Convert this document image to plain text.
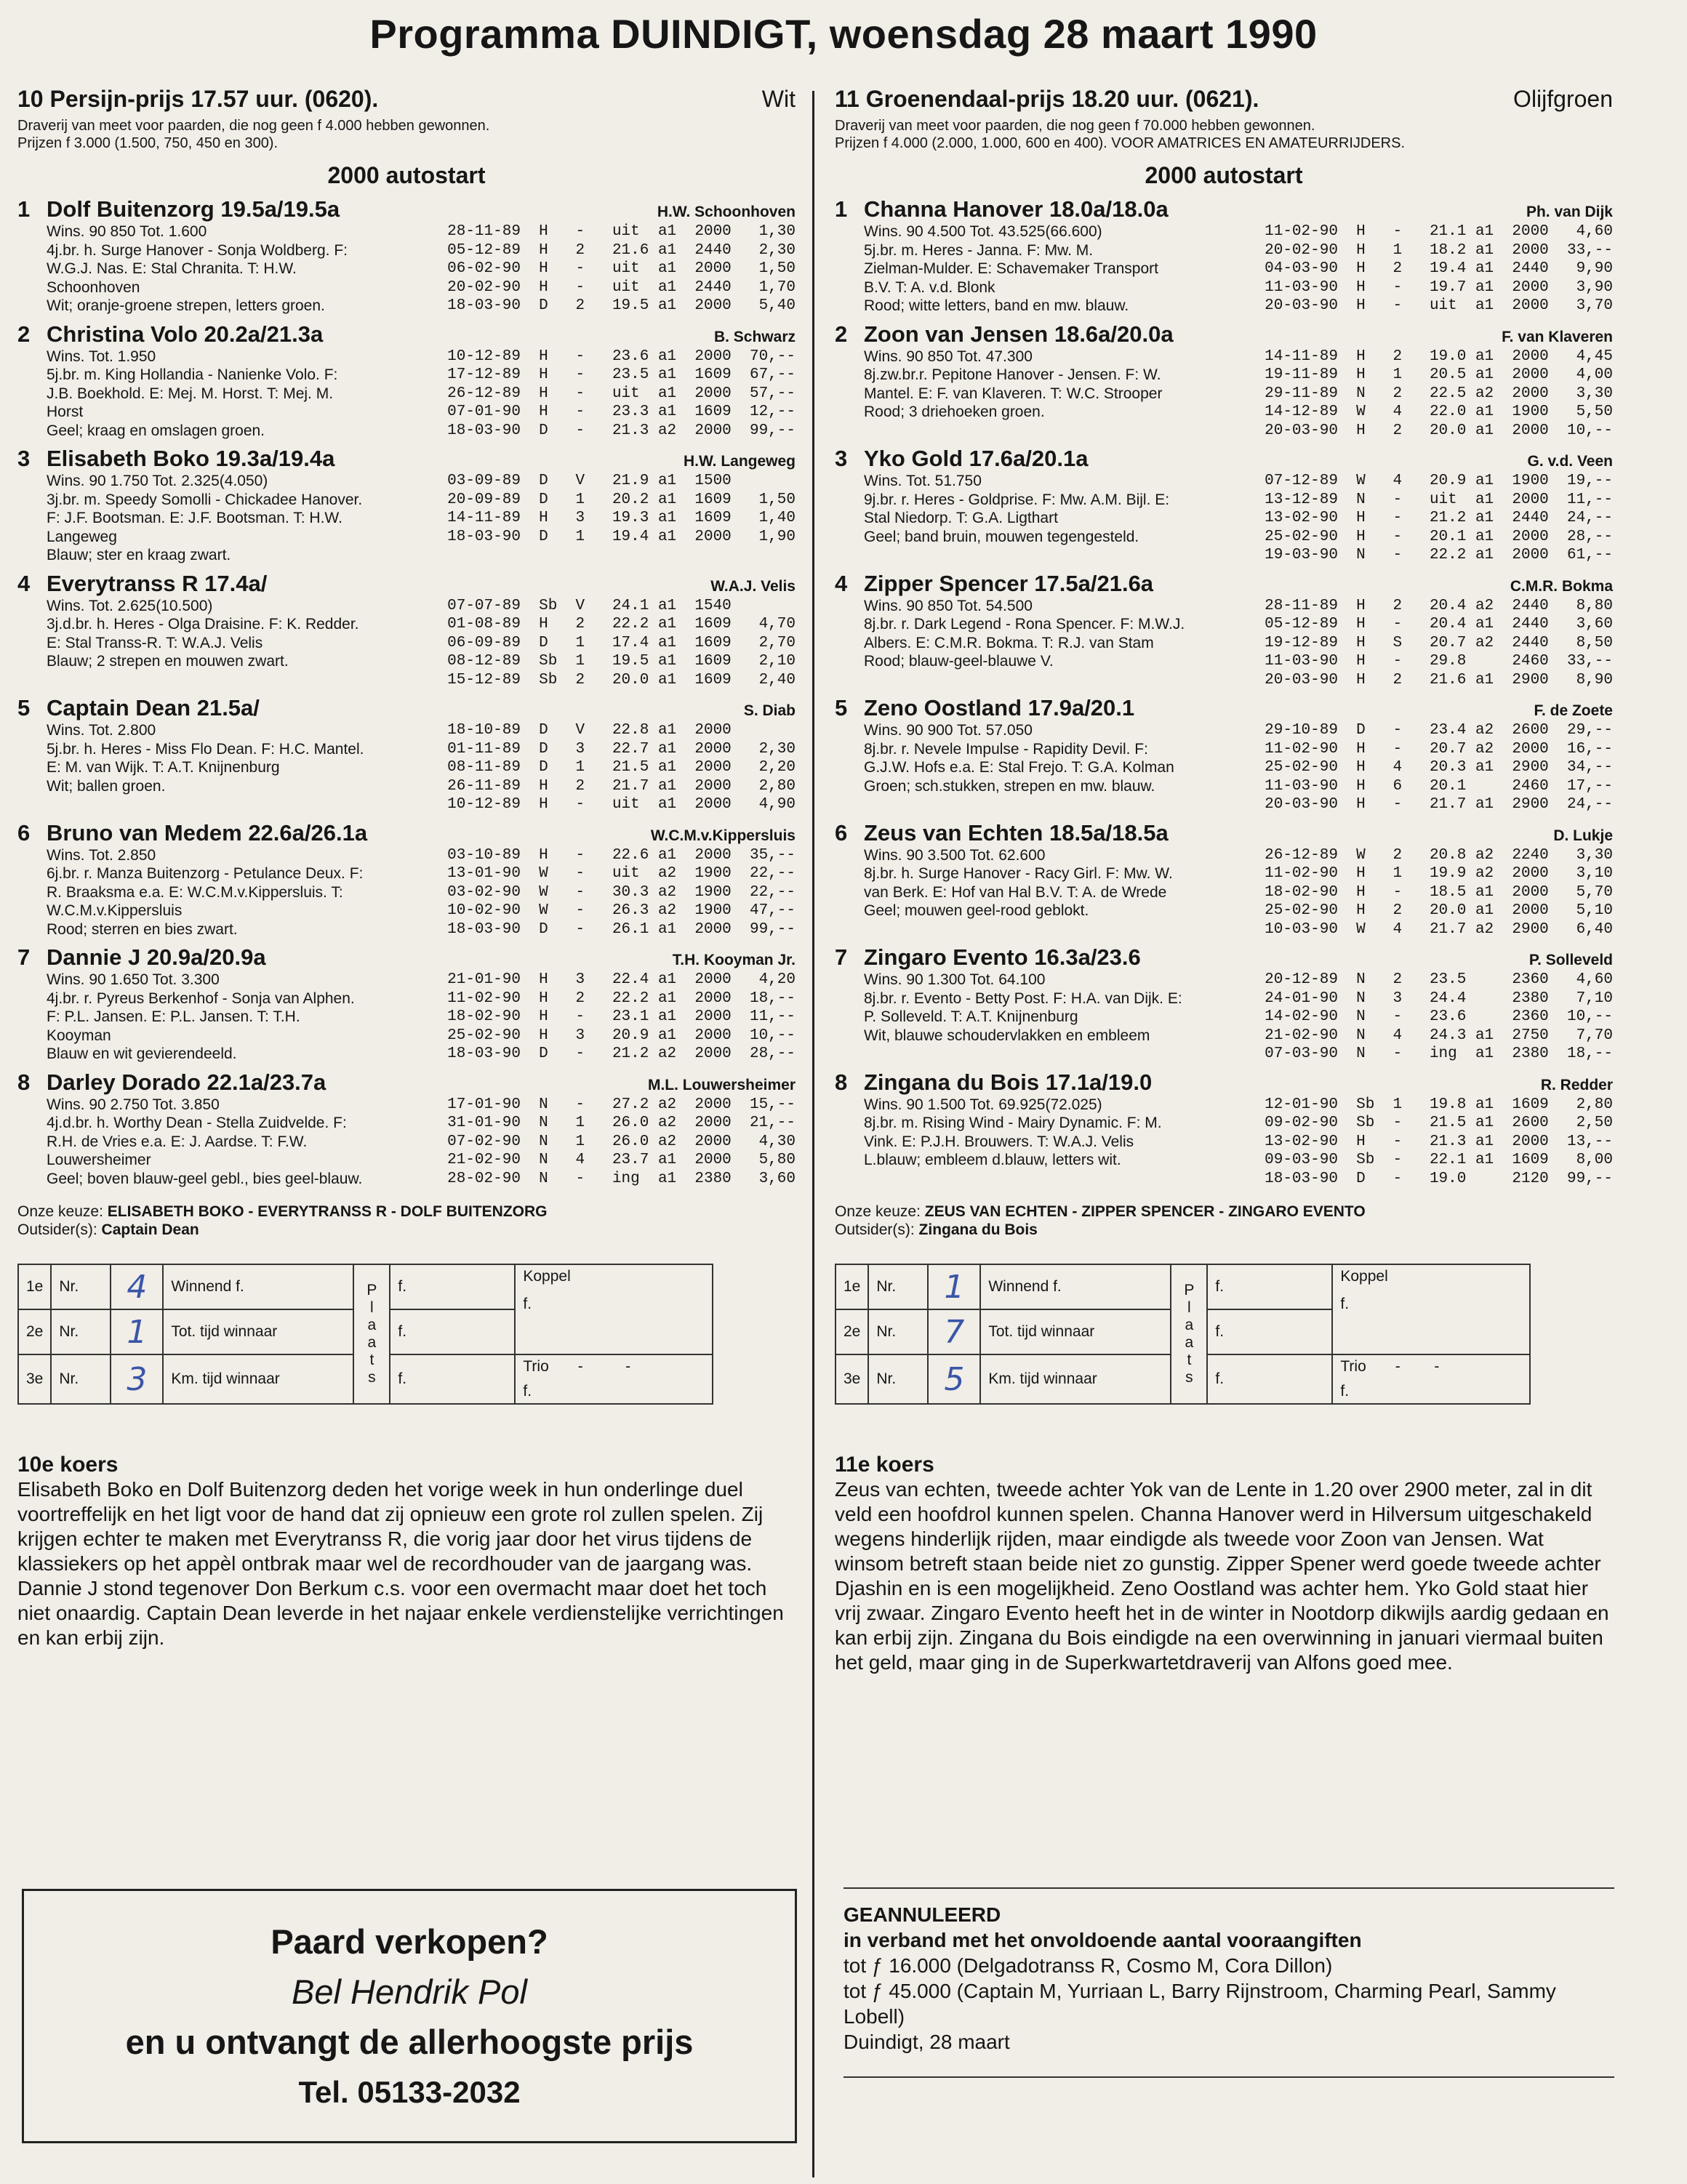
Programma DUINDIGT, woensdag 28 maart 1990
10 Persijn-prijs 17.57 uur. (0620).	Wit
Draverij van meet voor paarden, die nog geen f 4.000 hebben gewonnen.
Prijzen f 3.000 (1.500, 750, 450 en 300).
2000 autostart
1 Dolf Buitenzorg 19.5a/19.5a	H.W. Schoonhoven
Wins. 90 850 Tot. 1.600
4j.br. h. Surge Hanover - Sonja Woldberg. F:
W.G.J. Nas. E: Stal Chranita. T: H.W.
Schoonhoven
Wit; oranje-groene strepen, letters groen.
28-11-89  H   -   uit  a1  2000   1,30
05-12-89  H   2   21.6 a1  2440   2,30
06-02-90  H   -   uit  a1  2000   1,50
20-02-90  H   -   uit  a1  2440   1,70
18-03-90  D   2   19.5 a1  2000   5,40
2 Christina Volo 20.2a/21.3a	B. Schwarz
Wins. Tot. 1.950
5j.br. m. King Hollandia - Nanienke Volo. F:
J.B. Boekhold. E: Mej. M. Horst. T: Mej. M.
Horst
Geel; kraag en omslagen groen.
10-12-89  H   -   23.6 a1  2000  70,--
17-12-89  H   -   23.5 a1  1609  67,--
26-12-89  H   -   uit  a1  2000  57,--
07-01-90  H   -   23.3 a1  1609  12,--
18-03-90  D   -   21.3 a2  2000  99,--
3 Elisabeth Boko 19.3a/19.4a	H.W. Langeweg
Wins. 90 1.750 Tot. 2.325(4.050)
3j.br. m. Speedy Somolli - Chickadee Hanover.
F: J.F. Bootsman. E: J.F. Bootsman. T: H.W.
Langeweg
Blauw; ster en kraag zwart.
03-09-89  D   V   21.9 a1  1500
20-09-89  D   1   20.2 a1  1609   1,50
14-11-89  H   3   19.3 a1  1609   1,40
18-03-90  D   1   19.4 a1  2000   1,90
4 Everytranss R 17.4a/	W.A.J. Velis
Wins. Tot. 2.625(10.500)
3j.d.br. h. Heres - Olga Draisine. F: K. Redder.
E: Stal Transs-R. T: W.A.J. Velis
Blauw; 2 strepen en mouwen zwart.
07-07-89  Sb  V   24.1 a1  1540
01-08-89  H   2   22.2 a1  1609   4,70
06-09-89  D   1   17.4 a1  1609   2,70
08-12-89  Sb  1   19.5 a1  1609   2,10
15-12-89  Sb  2   20.0 a1  1609   2,40
5 Captain Dean 21.5a/	S. Diab
Wins. Tot. 2.800
5j.br. h. Heres - Miss Flo Dean. F: H.C. Mantel.
E: M. van Wijk. T: A.T. Knijnenburg
Wit; ballen groen.
18-10-89  D   V   22.8 a1  2000
01-11-89  D   3   22.7 a1  2000   2,30
08-11-89  D   1   21.5 a1  2000   2,20
26-11-89  H   2   21.7 a1  2000   2,80
10-12-89  H   -   uit  a1  2000   4,90
6 Bruno van Medem 22.6a/26.1a	W.C.M.v.Kippersluis
Wins. Tot. 2.850
6j.br. r. Manza Buitenzorg - Petulance Deux. F:
R. Braaksma e.a. E: W.C.M.v.Kippersluis. T:
W.C.M.v.Kippersluis
Rood; sterren en bies zwart.
03-10-89  H   -   22.6 a1  2000  35,--
13-01-90  W   -   uit  a2  1900  22,--
03-02-90  W   -   30.3 a2  1900  22,--
10-02-90  W   -   26.3 a2  1900  47,--
18-03-90  D   -   26.1 a1  2000  99,--
7 Dannie J 20.9a/20.9a	T.H. Kooyman Jr.
Wins. 90 1.650 Tot. 3.300
4j.br. r. Pyreus Berkenhof - Sonja van Alphen.
F: P.L. Jansen. E: P.L. Jansen. T: T.H.
Kooyman
Blauw en wit gevierendeeld.
21-01-90  H   3   22.4 a1  2000   4,20
11-02-90  H   2   22.2 a1  2000  18,--
18-02-90  H   -   23.1 a1  2000  11,--
25-02-90  H   3   20.9 a1  2000  10,--
18-03-90  D   -   21.2 a2  2000  28,--
8 Darley Dorado 22.1a/23.7a	M.L. Louwersheimer
Wins. 90 2.750 Tot. 3.850
4j.d.br. h. Worthy Dean - Stella Zuidvelde. F:
R.H. de Vries e.a. E: J. Aardse. T: F.W.
Louwersheimer
Geel; boven blauw-geel gebl., bies geel-blauw.
17-01-90  N   -   27.2 a2  2000  15,--
31-01-90  N   1   26.0 a2  2000  21,--
07-02-90  N   1   26.0 a2  2000   4,30
21-02-90  N   4   23.7 a1  2000   5,80
28-02-90  N   -   ing  a1  2380   3,60
Onze keuze: ELISABETH BOKO - EVERYTRANSS R - DOLF BUITENZORG
Outsider(s): Captain Dean
1e	Nr.	4	Winnend f.	P l a a t s	f.	Koppel
f.

2e	Nr.	1	Tot. tijd winnaar		f.	
3e	Nr.	3	Km. tijd winnaar		f.	Trio -          -
f.
10e koers
Elisabeth Boko en Dolf Buitenzorg deden het vorige week in hun onderlinge duel voortreffelijk en het ligt voor de hand dat zij opnieuw een grote rol zullen spelen. Zij krijgen echter te maken met Everytranss R, die vorig jaar door het virus tijdens de klassiekers op het appèl ontbrak maar wel de recordhouder van de jaargang was. Dannie J stond tegenover Don Berkum c.s. voor een overmacht maar doet het toch niet onaardig. Captain Dean leverde in het najaar enkele verdienstelijke verrichtingen en kan erbij zijn.
11 Groenendaal-prijs 18.20 uur. (0621).	Olijfgroen
Draverij van meet voor paarden, die nog geen f 70.000 hebben gewonnen.
Prijzen f 4.000 (2.000, 1.000, 600 en 400). VOOR AMATRICES EN AMATEURRIJDERS.
2000 autostart
1 Channa Hanover 18.0a/18.0a	Ph. van Dijk
Wins. 90 4.500 Tot. 43.525(66.600)
5j.br. m. Heres - Janna. F: Mw. M.
Zielman-Mulder. E: Schavemaker Transport
B.V. T: A. v.d. Blonk
Rood; witte letters, band en mw. blauw.
11-02-90  H   -   21.1 a1  2000   4,60
20-02-90  H   1   18.2 a1  2000  33,--
04-03-90  H   2   19.4 a1  2440   9,90
11-03-90  H   -   19.7 a1  2000   3,90
20-03-90  H   -   uit  a1  2000   3,70
2 Zoon van Jensen 18.6a/20.0a	F. van Klaveren
Wins. 90 850 Tot. 47.300
8j.zw.br.r. Pepitone Hanover - Jensen. F: W.
Mantel. E: F. van Klaveren. T: W.C. Strooper
Rood; 3 driehoeken groen.
14-11-89  H   2   19.0 a1  2000   4,45
19-11-89  H   1   20.5 a1  2000   4,00
29-11-89  N   2   22.5 a2  2000   3,30
14-12-89  W   4   22.0 a1  1900   5,50
20-03-90  H   2   20.0 a1  2000  10,--
3 Yko Gold 17.6a/20.1a	G. v.d. Veen
Wins. Tot. 51.750
9j.br. r. Heres - Goldprise. F: Mw. A.M. Bijl. E:
Stal Niedorp. T: G.A. Ligthart
Geel; band bruin, mouwen tegengesteld.
07-12-89  W   4   20.9 a1  1900  19,--
13-12-89  N   -   uit  a1  2000  11,--
13-02-90  H   -   21.2 a1  2440  24,--
25-02-90  H   -   20.1 a1  2000  28,--
19-03-90  N   -   22.2 a1  2000  61,--
4 Zipper Spencer 17.5a/21.6a	C.M.R. Bokma
Wins. 90 850 Tot. 54.500
8j.br. r. Dark Legend - Rona Spencer. F: M.W.J.
Albers. E: C.M.R. Bokma. T: R.J. van Stam
Rood; blauw-geel-blauwe V.
28-11-89  H   2   20.4 a2  2440   8,80
05-12-89  H   -   20.4 a1  2440   3,60
19-12-89  H   S   20.7 a2  2440   8,50
11-03-90  H   -   29.8     2460  33,--
20-03-90  H   2   21.6 a1  2900   8,90
5 Zeno Oostland 17.9a/20.1	F. de Zoete
Wins. 90 900 Tot. 57.050
8j.br. r. Nevele Impulse - Rapidity Devil. F:
G.J.W. Hofs e.a. E: Stal Frejo. T: G.A. Kolman
Groen; sch.stukken, strepen en mw. blauw.
29-10-89  D   -   23.4 a2  2600  29,--
11-02-90  H   -   20.7 a2  2000  16,--
25-02-90  H   4   20.3 a1  2900  34,--
11-03-90  H   6   20.1     2460  17,--
20-03-90  H   -   21.7 a1  2900  24,--
6 Zeus van Echten 18.5a/18.5a	D. Lukje
Wins. 90 3.500 Tot. 62.600
8j.br. h. Surge Hanover - Racy Girl. F: Mw. W.
van Berk. E: Hof van Hal B.V. T: A. de Wrede
Geel; mouwen geel-rood geblokt.
26-12-89  W   2   20.8 a2  2240   3,30
11-02-90  H   1   19.9 a2  2000   3,10
18-02-90  H   -   18.5 a1  2000   5,70
25-02-90  H   2   20.0 a1  2000   5,10
10-03-90  W   4   21.7 a2  2900   6,40
7 Zingaro Evento 16.3a/23.6	P. Solleveld
Wins. 90 1.300 Tot. 64.100
8j.br. r. Evento - Betty Post. F: H.A. van Dijk. E:
P. Solleveld. T: A.T. Knijnenburg
Wit, blauwe schoudervlakken en embleem
20-12-89  N   2   23.5     2360   4,60
24-01-90  N   3   24.4     2380   7,10
14-02-90  N   -   23.6     2360  10,--
21-02-90  N   4   24.3 a1  2750   7,70
07-03-90  N   -   ing  a1  2380  18,--
8 Zingana du Bois 17.1a/19.0	R. Redder
Wins. 90 1.500 Tot. 69.925(72.025)
8j.br. m. Rising Wind - Mairy Dynamic. F: M.
Vink. E: P.J.H. Brouwers. T: W.A.J. Velis
L.blauw; embleem d.blauw, letters wit.
12-01-90  Sb  1   19.8 a1  1609   2,80
09-02-90  Sb  -   21.5 a1  2600   2,50
13-02-90  H   -   21.3 a1  2000  13,--
09-03-90  Sb  -   22.1 a1  1609   8,00
18-03-90  D   -   19.0     2120  99,--
Onze keuze: ZEUS VAN ECHTEN - ZIPPER SPENCER - ZINGARO EVENTO
Outsider(s): Zingana du Bois
1e	Nr.	1	Winnend f.	P l a a t s	f.	Koppel
f.

2e	Nr.	7	Tot. tijd winnaar		f.	
3e	Nr.	5	Km. tijd winnaar		f.	Trio -        -
f.
11e koers
Zeus van echten, tweede achter Yok van de Lente in 1.20 over 2900 meter, zal in dit veld een hoofdrol kunnen spelen. Channa Hanover werd in Hilversum uitgeschakeld wegens hinderlijk rijden, maar eindigde als tweede voor Zoon van Jensen. Wat winsom betreft staan beide niet zo gunstig. Zipper Spener werd goede tweede achter Djashin en is een mogelijkheid. Zeno Oostland was achter hem. Yko Gold staat hier vrij zwaar. Zingaro Evento heeft het in de winter in Nootdorp dikwijls aardig gedaan en kan erbij zijn. Zingana du Bois eindigde na een overwinning in januari viermaal buiten het geld, maar ging in de Superkwartetdraverij van Alfons goed mee.
Paard verkopen?
Bel Hendrik Pol
en u ontvangt de allerhoogste prijs
Tel. 05133-2032
GEANNULEERD
in verband met het onvoldoende aantal vooraangiften
tot ƒ 16.000 (Delgadotranss R, Cosmo M, Cora Dillon)
tot ƒ 45.000 (Captain M, Yurriaan L, Barry Rijnstroom, Charming Pearl, Sammy Lobell)
Duindigt, 28 maart
